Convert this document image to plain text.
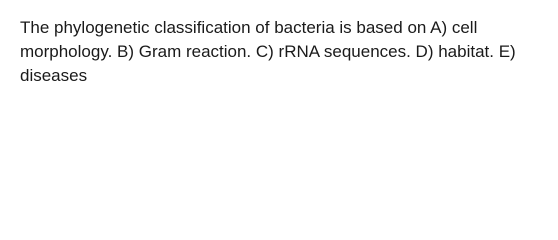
The phylogenetic classification of bacteria is based on A) cell morphology. B) Gram reaction. C) rRNA sequences. D) habitat. E) diseases
